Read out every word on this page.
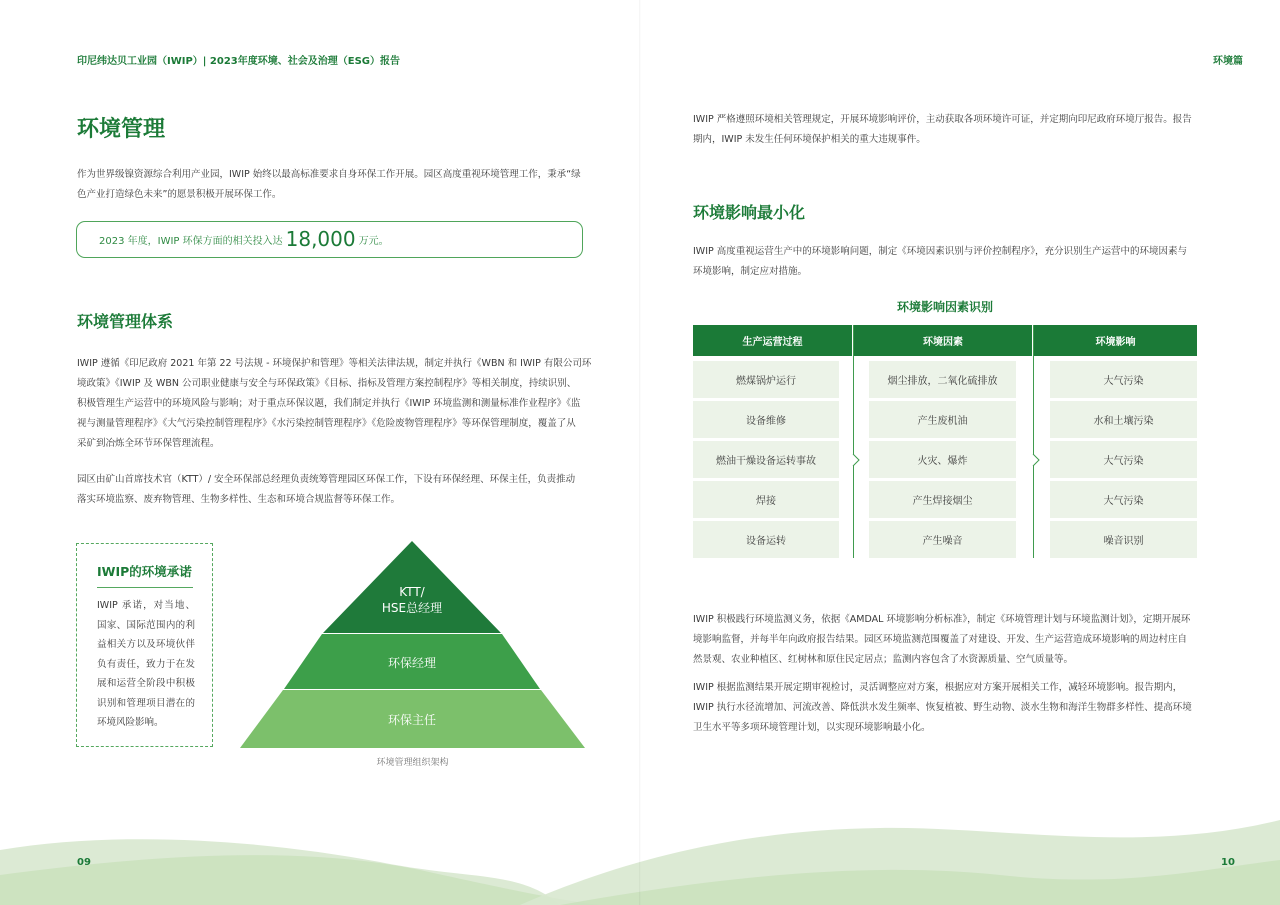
印尼纬达贝工业园（IWIP）| 2023年度环境、社会及治理（ESG）报告
环境管理
作为世界级镍资源综合利用产业园，IWIP 始终以最高标准要求自身环保工作开展。园区高度重视环境管理工作，秉承“绿
色产业打造绿色未来”的愿景积极开展环保工作。
2023 年度，IWIP 环保方面的相关投入达 18,000 万元。
环境管理体系
IWIP 遵循《印尼政府 2021 年第 22 号法规 - 环境保护和管理》等相关法律法规，制定并执行《WBN 和 IWIP 有限公司环
境政策》《IWIP 及 WBN 公司职业健康与安全与环保政策》《目标、指标及管理方案控制程序》等相关制度，持续识别、
积极管理生产运营中的环境风险与影响；对于重点环保议题，我们制定并执行《IWIP 环境监测和测量标准作业程序》《监
视与测量管理程序》《大气污染控制管理程序》《水污染控制管理程序》《危险废物管理程序》等环保管理制度，覆盖了从
采矿到冶炼全环节环保管理流程。
园区由矿山首席技术官（KTT）/ 安全环保部总经理负责统筹管理园区环保工作，下设有环保经理、环保主任，负责推动
落实环境监察、废弃物管理、生物多样性、生态和环境合规监督等环保工作。
IWIP的环境承诺
IWIP 承诺，对当地、国家、国际范围内的利益相关方以及环境伙伴负有责任，致力于在发展和运营全阶段中积极识别和管理项目潜在的环境风险影响。
KTT/
HSE总经理
环保经理
环保主任
环境管理组织架构
09
环境篇
IWIP 严格遵照环境相关管理规定，开展环境影响评价，主动获取各项环境许可证，并定期向印尼政府环境厅报告。报告
期内，IWIP 未发生任何环境保护相关的重大违规事件。
环境影响最小化
IWIP 高度重视运营生产中的环境影响问题，制定《环境因素识别与评价控制程序》，充分识别生产运营中的环境因素与
环境影响，制定应对措施。
环境影响因素识别
生产运营过程	环境因素	环境影响
燃煤锅炉运行	烟尘排放，二氧化硫排放	大气污染
设备维修	产生废机油	水和土壤污染
燃油干燥设备运转事故	火灾、爆炸	大气污染
焊接	产生焊接烟尘	大气污染
设备运转	产生噪音	噪音识别
IWIP 积极践行环境监测义务，依据《AMDAL 环境影响分析标准》，制定《环境管理计划与环境监测计划》，定期开展环
境影响监督，并每半年向政府报告结果。园区环境监测范围覆盖了对建设、开发、生产运营造成环境影响的周边村庄自
然景观、农业种植区、红树林和原住民定居点；监测内容包含了水资源质量、空气质量等。
IWIP 根据监测结果开展定期审视检讨，灵活调整应对方案，根据应对方案开展相关工作，减轻环境影响。报告期内，
IWIP 执行水径流增加、河流改善、降低洪水发生频率、恢复植被、野生动物、淡水生物和海洋生物群多样性、提高环境
卫生水平等多项环境管理计划，以实现环境影响最小化。
10
